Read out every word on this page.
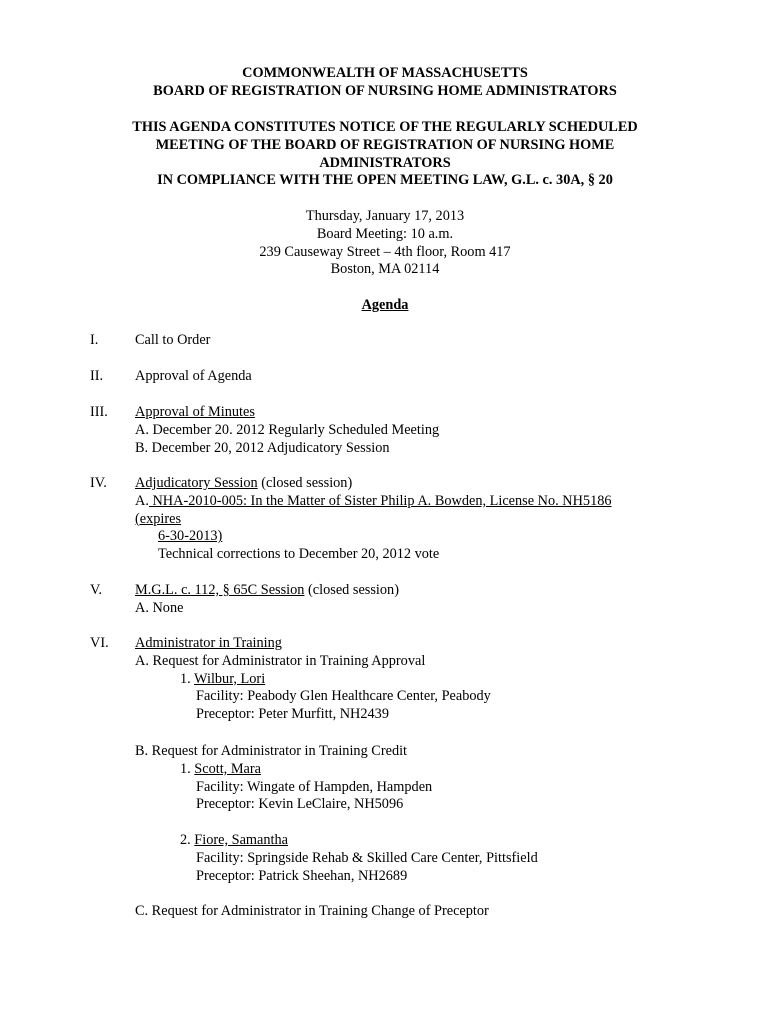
COMMONWEALTH OF MASSACHUSETTS
BOARD OF REGISTRATION OF NURSING HOME ADMINISTRATORS
THIS AGENDA CONSTITUTES NOTICE OF THE REGULARLY SCHEDULED
MEETING OF THE BOARD OF REGISTRATION OF NURSING HOME
ADMINISTRATORS
IN COMPLIANCE WITH THE OPEN MEETING LAW, G.L. c. 30A, § 20
Thursday, January 17, 2013
Board Meeting: 10 a.m.
239 Causeway Street – 4th floor, Room 417
Boston, MA 02114
Agenda
I.	Call to Order
II. Approval of Agenda
III. Approval of Minutes
A. December 20. 2012 Regularly Scheduled Meeting
B. December 20, 2012 Adjudicatory Session
IV. Adjudicatory Session (closed session)
A. NHA-2010-005: In the Matter of Sister Philip A. Bowden, License No. NH5186
(expires
6-30-2013)
Technical corrections to December 20, 2012 vote
V. M.G.L. c. 112, § 65C Session (closed session)
A. None
VI. Administrator in Training
A. Request for Administrator in Training Approval
1. Wilbur, Lori
Facility: Peabody Glen Healthcare Center, Peabody
Preceptor: Peter Murfitt, NH2439
B. Request for Administrator in Training Credit
1. Scott, Mara
Facility: Wingate of Hampden, Hampden
Preceptor: Kevin LeClaire, NH5096
2. Fiore, Samantha
Facility: Springside Rehab & Skilled Care Center, Pittsfield
Preceptor: Patrick Sheehan, NH2689
C. Request for Administrator in Training Change of Preceptor
